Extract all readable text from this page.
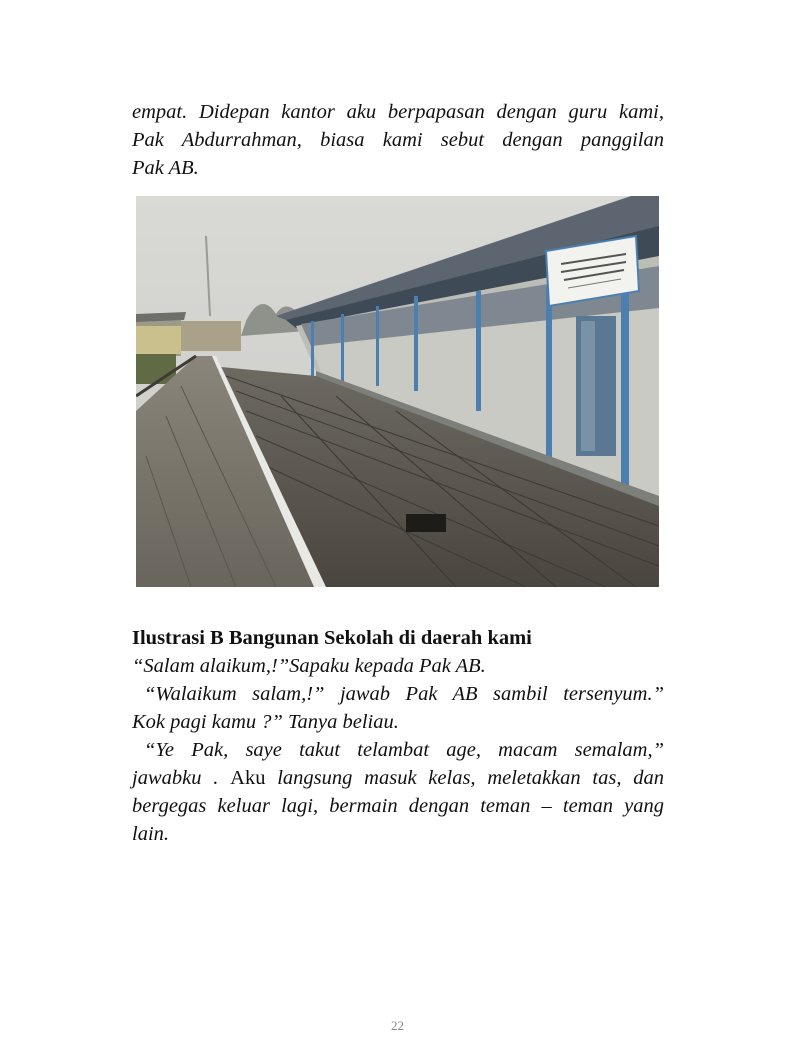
empat. Didepan kantor aku berpapasan dengan guru kami,

Pak Abdurrahman, biasa kami sebut dengan panggilan

Pak AB.

Ilustrasi B Bangunan Sekolah di daerah kami

“Salam alaikum,!”Sapaku kepada Pak AB.

“Walaikum salam,!” jawab Pak AB sambil tersenyum.”

Kok pagi kamu ?” Tanya beliau.

“Ye Pak, saye takut telambat age, macam semalam,”

jawabku . Aku langsung masuk kelas, meletakkan tas, dan

bergegas keluar lagi, bermain dengan teman – teman yang

lain.

22
